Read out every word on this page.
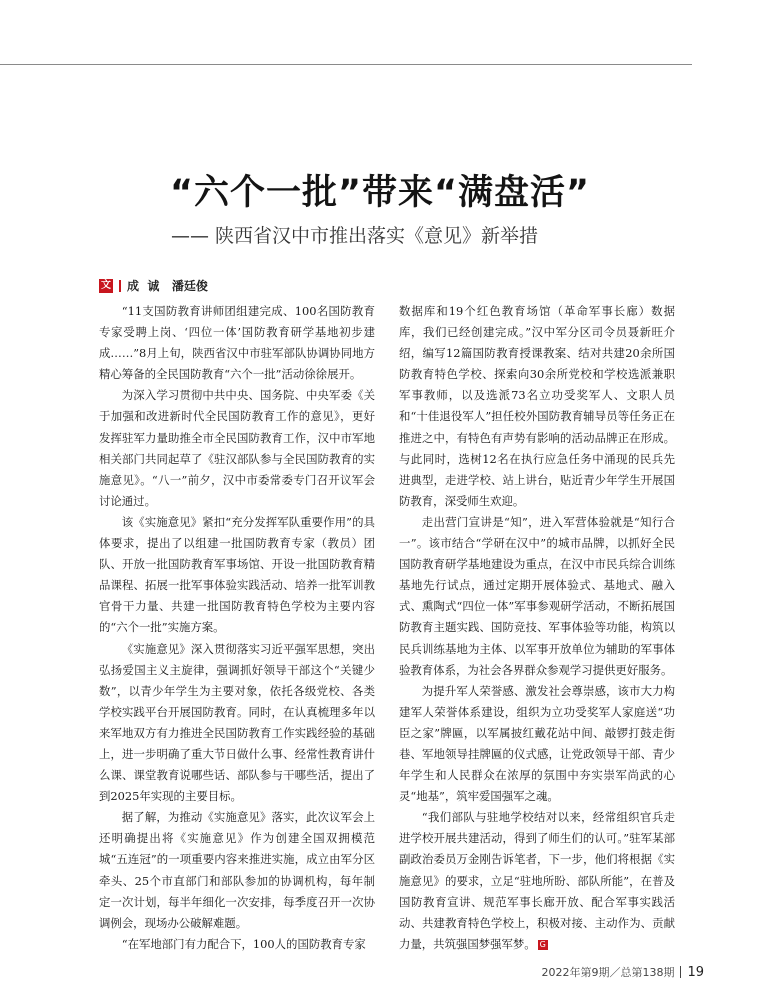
“六个一批”带来“满盘活”
—— 陕西省汉中市推出落实《意见》新举措
文 成  诚   潘廷俊

“11支国防教育讲师团组建完成、100名国防教育专家受聘上岗、‘四位一体’国防教育研学基地初步建成……”8月上旬，陕西省汉中市驻军部队协调协同地方精心筹备的全民国防教育“六个一批”活动徐徐展开。

为深入学习贯彻中共中央、国务院、中央军委《关于加强和改进新时代全民国防教育工作的意见》，更好发挥驻军力量助推全市全民国防教育工作，汉中市军地相关部门共同起草了《驻汉部队参与全民国防教育的实施意见》。“八一”前夕，汉中市委常委专门召开议军会讨论通过。

该《实施意见》紧扣“充分发挥军队重要作用”的具体要求，提出了以组建一批国防教育专家（教员）团队、开放一批国防教育军事场馆、开设一批国防教育精品课程、拓展一批军事体验实践活动、培养一批军训教官骨干力量、共建一批国防教育特色学校为主要内容的“六个一批”实施方案。

《实施意见》深入贯彻落实习近平强军思想，突出弘扬爱国主义主旋律，强调抓好领导干部这个“关键少数”，以青少年学生为主要对象，依托各级党校、各类学校实践平台开展国防教育。同时，在认真梳理多年以来军地双方有力推进全民国防教育工作实践经验的基础上，进一步明确了重大节日做什么事、经常性教育讲什么课、课堂教育说哪些话、部队参与干哪些活，提出了到2025年实现的主要目标。

据了解，为推动《实施意见》落实，此次议军会上还明确提出将《实施意见》作为创建全国双拥模范城“五连冠”的一项重要内容来推进实施，成立由军分区牵头、25个市直部门和部队参加的协调机构，每年制定一次计划，每半年细化一次安排，每季度召开一次协调例会，现场办公破解难题。

“在军地部门有力配合下，100人的国防教育专家

数据库和19个红色教育场馆（革命军事长廊）数据库，我们已经创建完成。”汉中军分区司令员聂新旺介绍，编写12篇国防教育授课教案、结对共建20余所国防教育特色学校、探索向30余所党校和学校选派兼职军事教师，以及选派73名立功受奖军人、文职人员和“十佳退役军人”担任校外国防教育辅导员等任务正在推进之中，有特色有声势有影响的活动品牌正在形成。与此同时，选树12名在执行应急任务中涌现的民兵先进典型，走进学校、站上讲台，贴近青少年学生开展国防教育，深受师生欢迎。

走出营门宣讲是“知”，进入军营体验就是“知行合一”。该市结合“学研在汉中”的城市品牌，以抓好全民国防教育研学基地建设为重点，在汉中市民兵综合训练基地先行试点，通过定期开展体验式、基地式、融入式、熏陶式“四位一体”军事参观研学活动，不断拓展国防教育主题实践、国防竞技、军事体验等功能，构筑以民兵训练基地为主体、以军事开放单位为辅助的军事体验教育体系，为社会各界群众参观学习提供更好服务。

为提升军人荣誉感、激发社会尊崇感，该市大力构建军人荣誉体系建设，组织为立功受奖军人家庭送“功臣之家”牌匾，以军属披红戴花站中间、敲锣打鼓走街巷、军地领导挂牌匾的仪式感，让党政领导干部、青少年学生和人民群众在浓厚的氛围中夯实崇军尚武的心灵“地基”，筑牢爱国强军之魂。

“我们部队与驻地学校结对以来，经常组织官兵走进学校开展共建活动，得到了师生们的认可。”驻军某部副政治委员万金刚告诉笔者，下一步，他们将根据《实施意见》的要求，立足“驻地所盼、部队所能”，在普及国防教育宣讲、规范军事长廊开放、配合军事实践活动、共建教育特色学校上，积极对接、主动作为、贡献力量，共筑强国梦强军梦。 G

2022年第9期／总第138期 19
